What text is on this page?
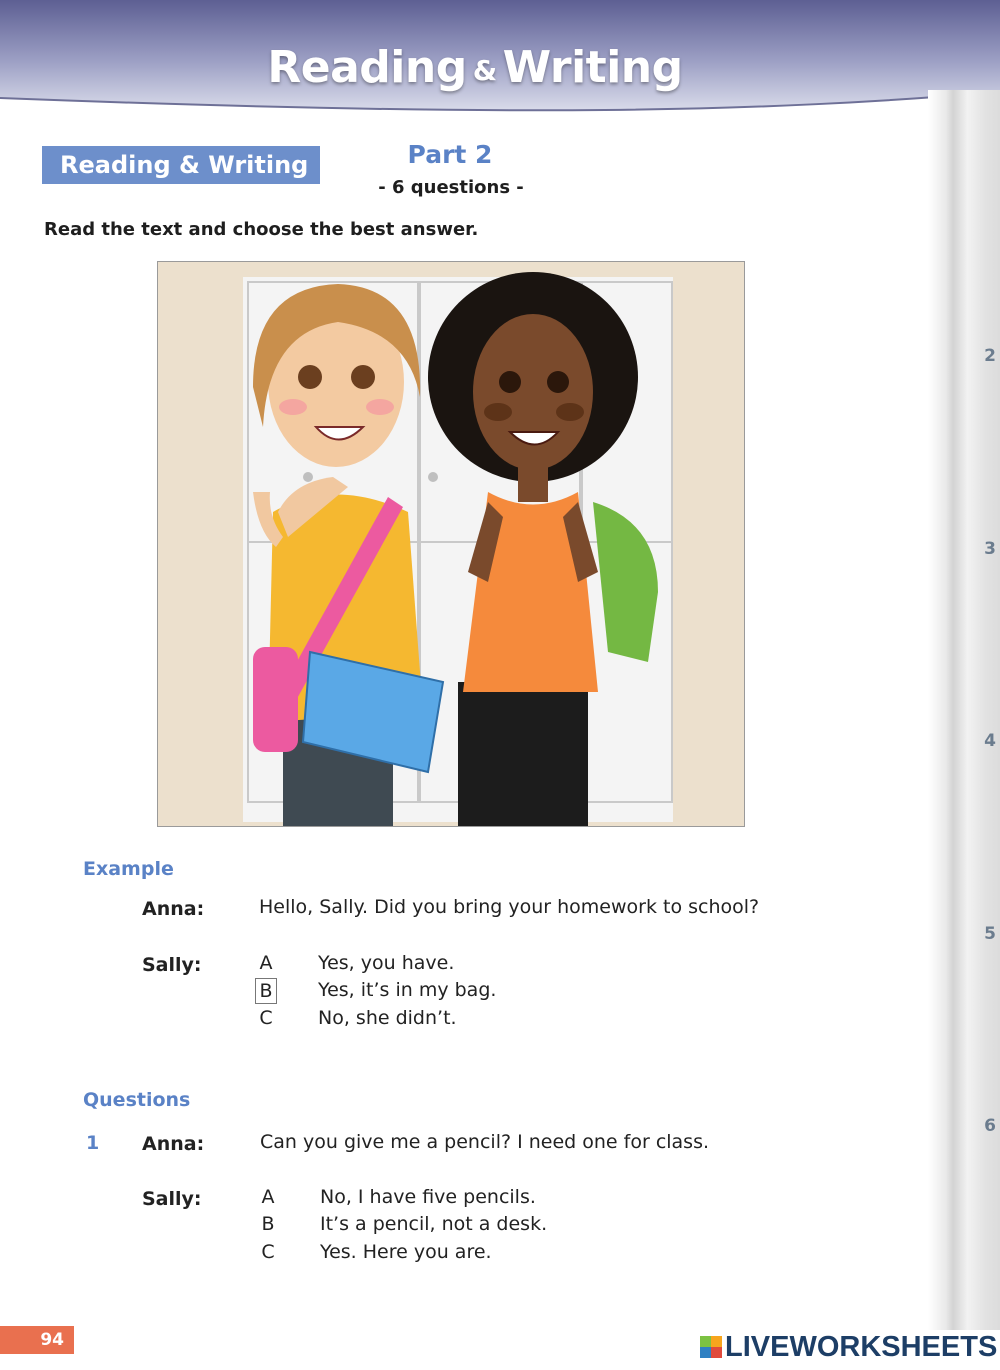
Reading & Writing
2
3
4
5
6
Reading & Writing	Part 2
- 6 questions -
Read the text and choose the best answer.
Example
Anna:	Hello, Sally. Did you bring your homework to school?
Sally:	A Yes, you have.
B Yes, it’s in my bag.
C No, she didn’t.
Questions
1 Anna:	Can you give me a pencil? I need one for class.
Sally:	A No, I have five pencils.
B It’s a pencil, not a desk.
C Yes. Here you are.
94	LIVEWORKSHEETS
